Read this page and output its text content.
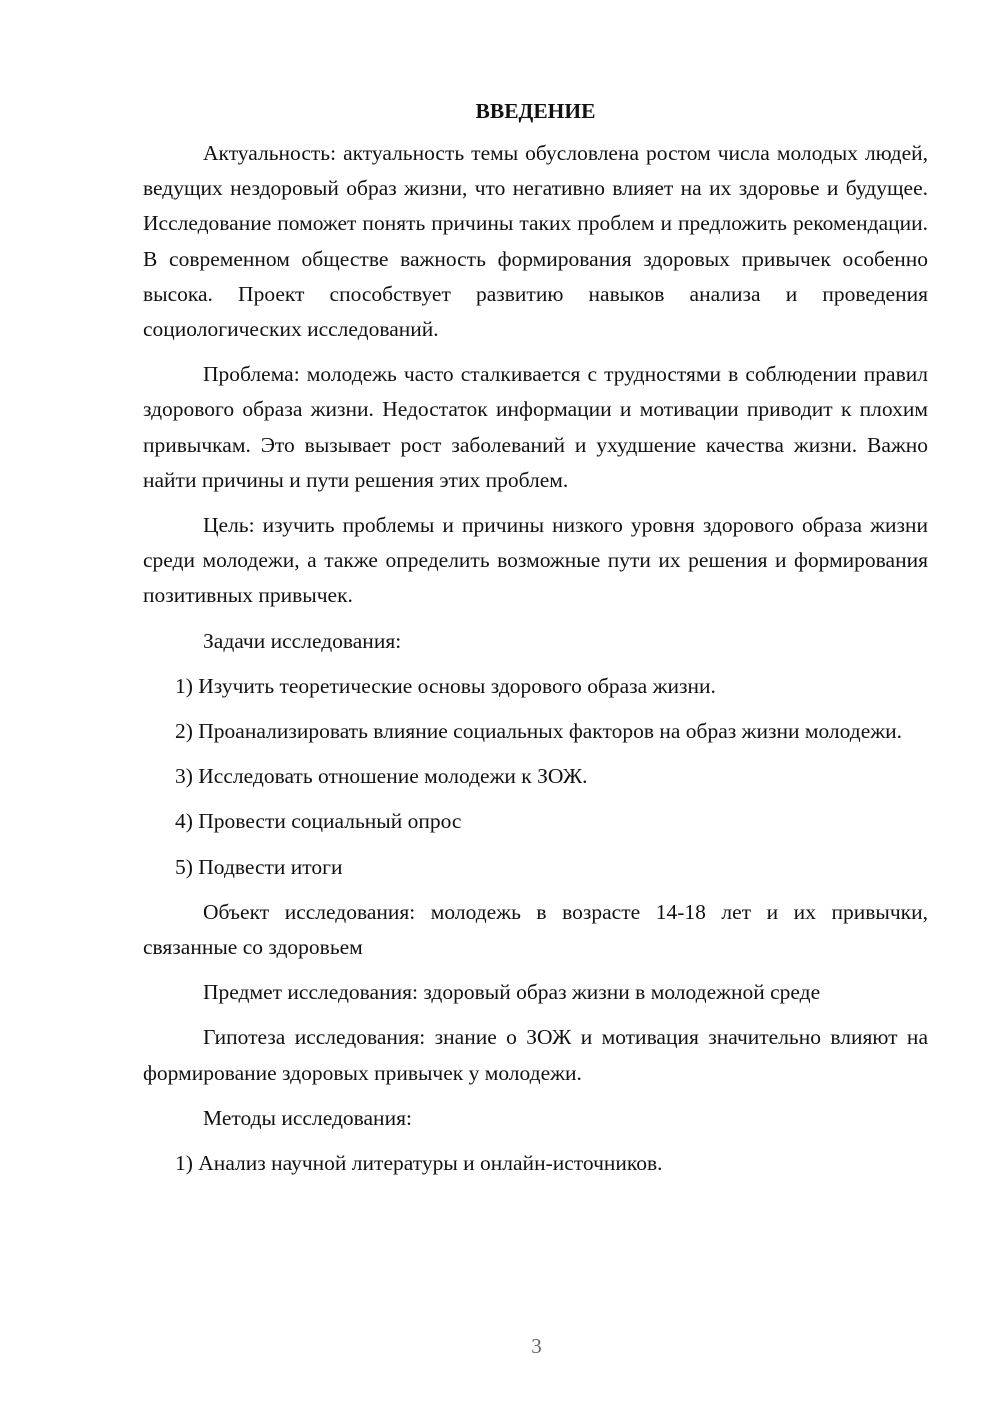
ВВЕДЕНИЕ

Актуальность: актуальность темы обусловлена ростом числа молодых людей, ведущих нездоровый образ жизни, что негативно влияет на их здоровье и будущее. Исследование поможет понять причины таких проблем и предложить рекомендации. В современном обществе важность формирования здоровых привычек особенно высока. Проект способствует развитию навыков анализа и проведения социологических исследований.

Проблема: молодежь часто сталкивается с трудностями в соблюдении правил здорового образа жизни. Недостаток информации и мотивации приводит к плохим привычкам. Это вызывает рост заболеваний и ухудшение качества жизни. Важно найти причины и пути решения этих проблем.

Цель: изучить проблемы и причины низкого уровня здорового образа жизни среди молодежи, а также определить возможные пути их решения и формирования позитивных привычек.

Задачи исследования:

1) Изучить теоретические основы здорового образа жизни.

2) Проанализировать влияние социальных факторов на образ жизни молодежи.

3) Исследовать отношение молодежи к ЗОЖ.

4) Провести социальный опрос

5) Подвести итоги

Объект исследования: молодежь в возрасте 14-18 лет и их привычки, связанные со здоровьем

Предмет исследования: здоровый образ жизни в молодежной среде

Гипотеза исследования: знание о ЗОЖ и мотивация значительно влияют на формирование здоровых привычек у молодежи.

Методы исследования:

1) Анализ научной литературы и онлайн-источников.

3
